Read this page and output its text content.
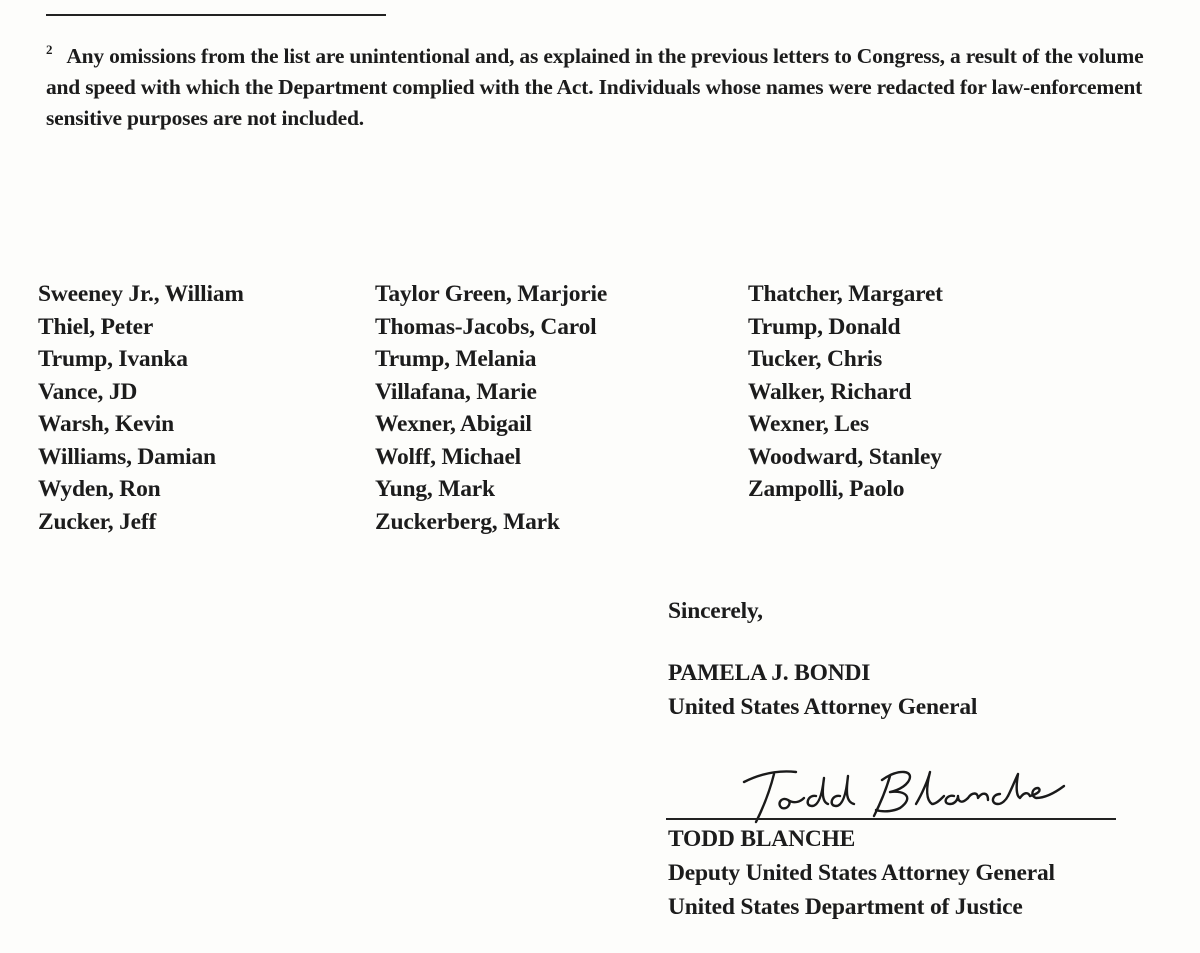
$^2$ Any omissions from the list are unintentional and, as explained in the previous letters to Congress, a result of the volume and speed with which the Department complied with the Act. Individuals whose names were redacted for law-enforcement sensitive purposes are not included.
Sweeney Jr., William
Thiel, Peter
Trump, Ivanka
Vance, JD
Warsh, Kevin
Williams, Damian
Wyden, Ron
Zucker, Jeff
Taylor Green, Marjorie
Thomas-Jacobs, Carol
Trump, Melania
Villafana, Marie
Wexner, Abigail
Wolff, Michael
Yung, Mark
Zuckerberg, Mark
Thatcher, Margaret
Trump, Donald
Tucker, Chris
Walker, Richard
Wexner, Les
Woodward, Stanley
Zampolli, Paolo
Sincerely,
PAMELA J. BONDI
United States Attorney General
TODD BLANCHE
Deputy United States Attorney General
United States Department of Justice
